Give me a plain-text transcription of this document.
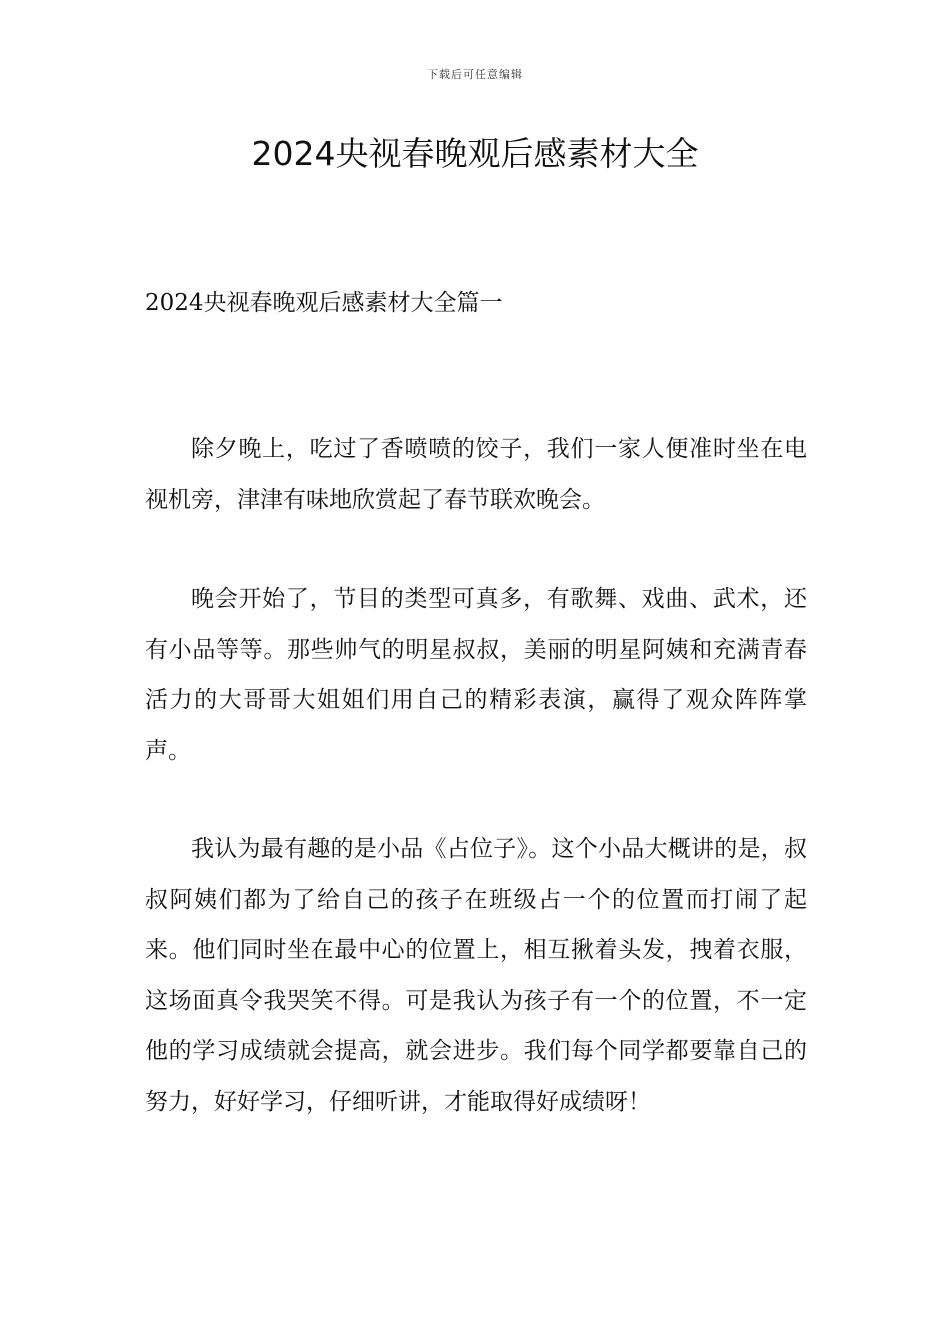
下载后可任意编辑
2024央视春晚观后感素材大全
2024央视春晚观后感素材大全篇一

除夕晚上，吃过了香喷喷的饺子，我们一家人便准时坐在电视机旁，津津有味地欣赏起了春节联欢晚会。

晚会开始了，节目的类型可真多，有歌舞、戏曲、武术，还有小品等等。那些帅气的明星叔叔，美丽的明星阿姨和充满青春活力的大哥哥大姐姐们用自己的精彩表演，赢得了观众阵阵掌声。

我认为最有趣的是小品《占位子》。这个小品大概讲的是，叔叔阿姨们都为了给自己的孩子在班级占一个的位置而打闹了起来。他们同时坐在最中心的位置上，相互揪着头发，拽着衣服，这场面真令我哭笑不得。可是我认为孩子有一个的位置，不一定他的学习成绩就会提高，就会进步。我们每个同学都要靠自己的努力，好好学习，仔细听讲，才能取得好成绩呀！
